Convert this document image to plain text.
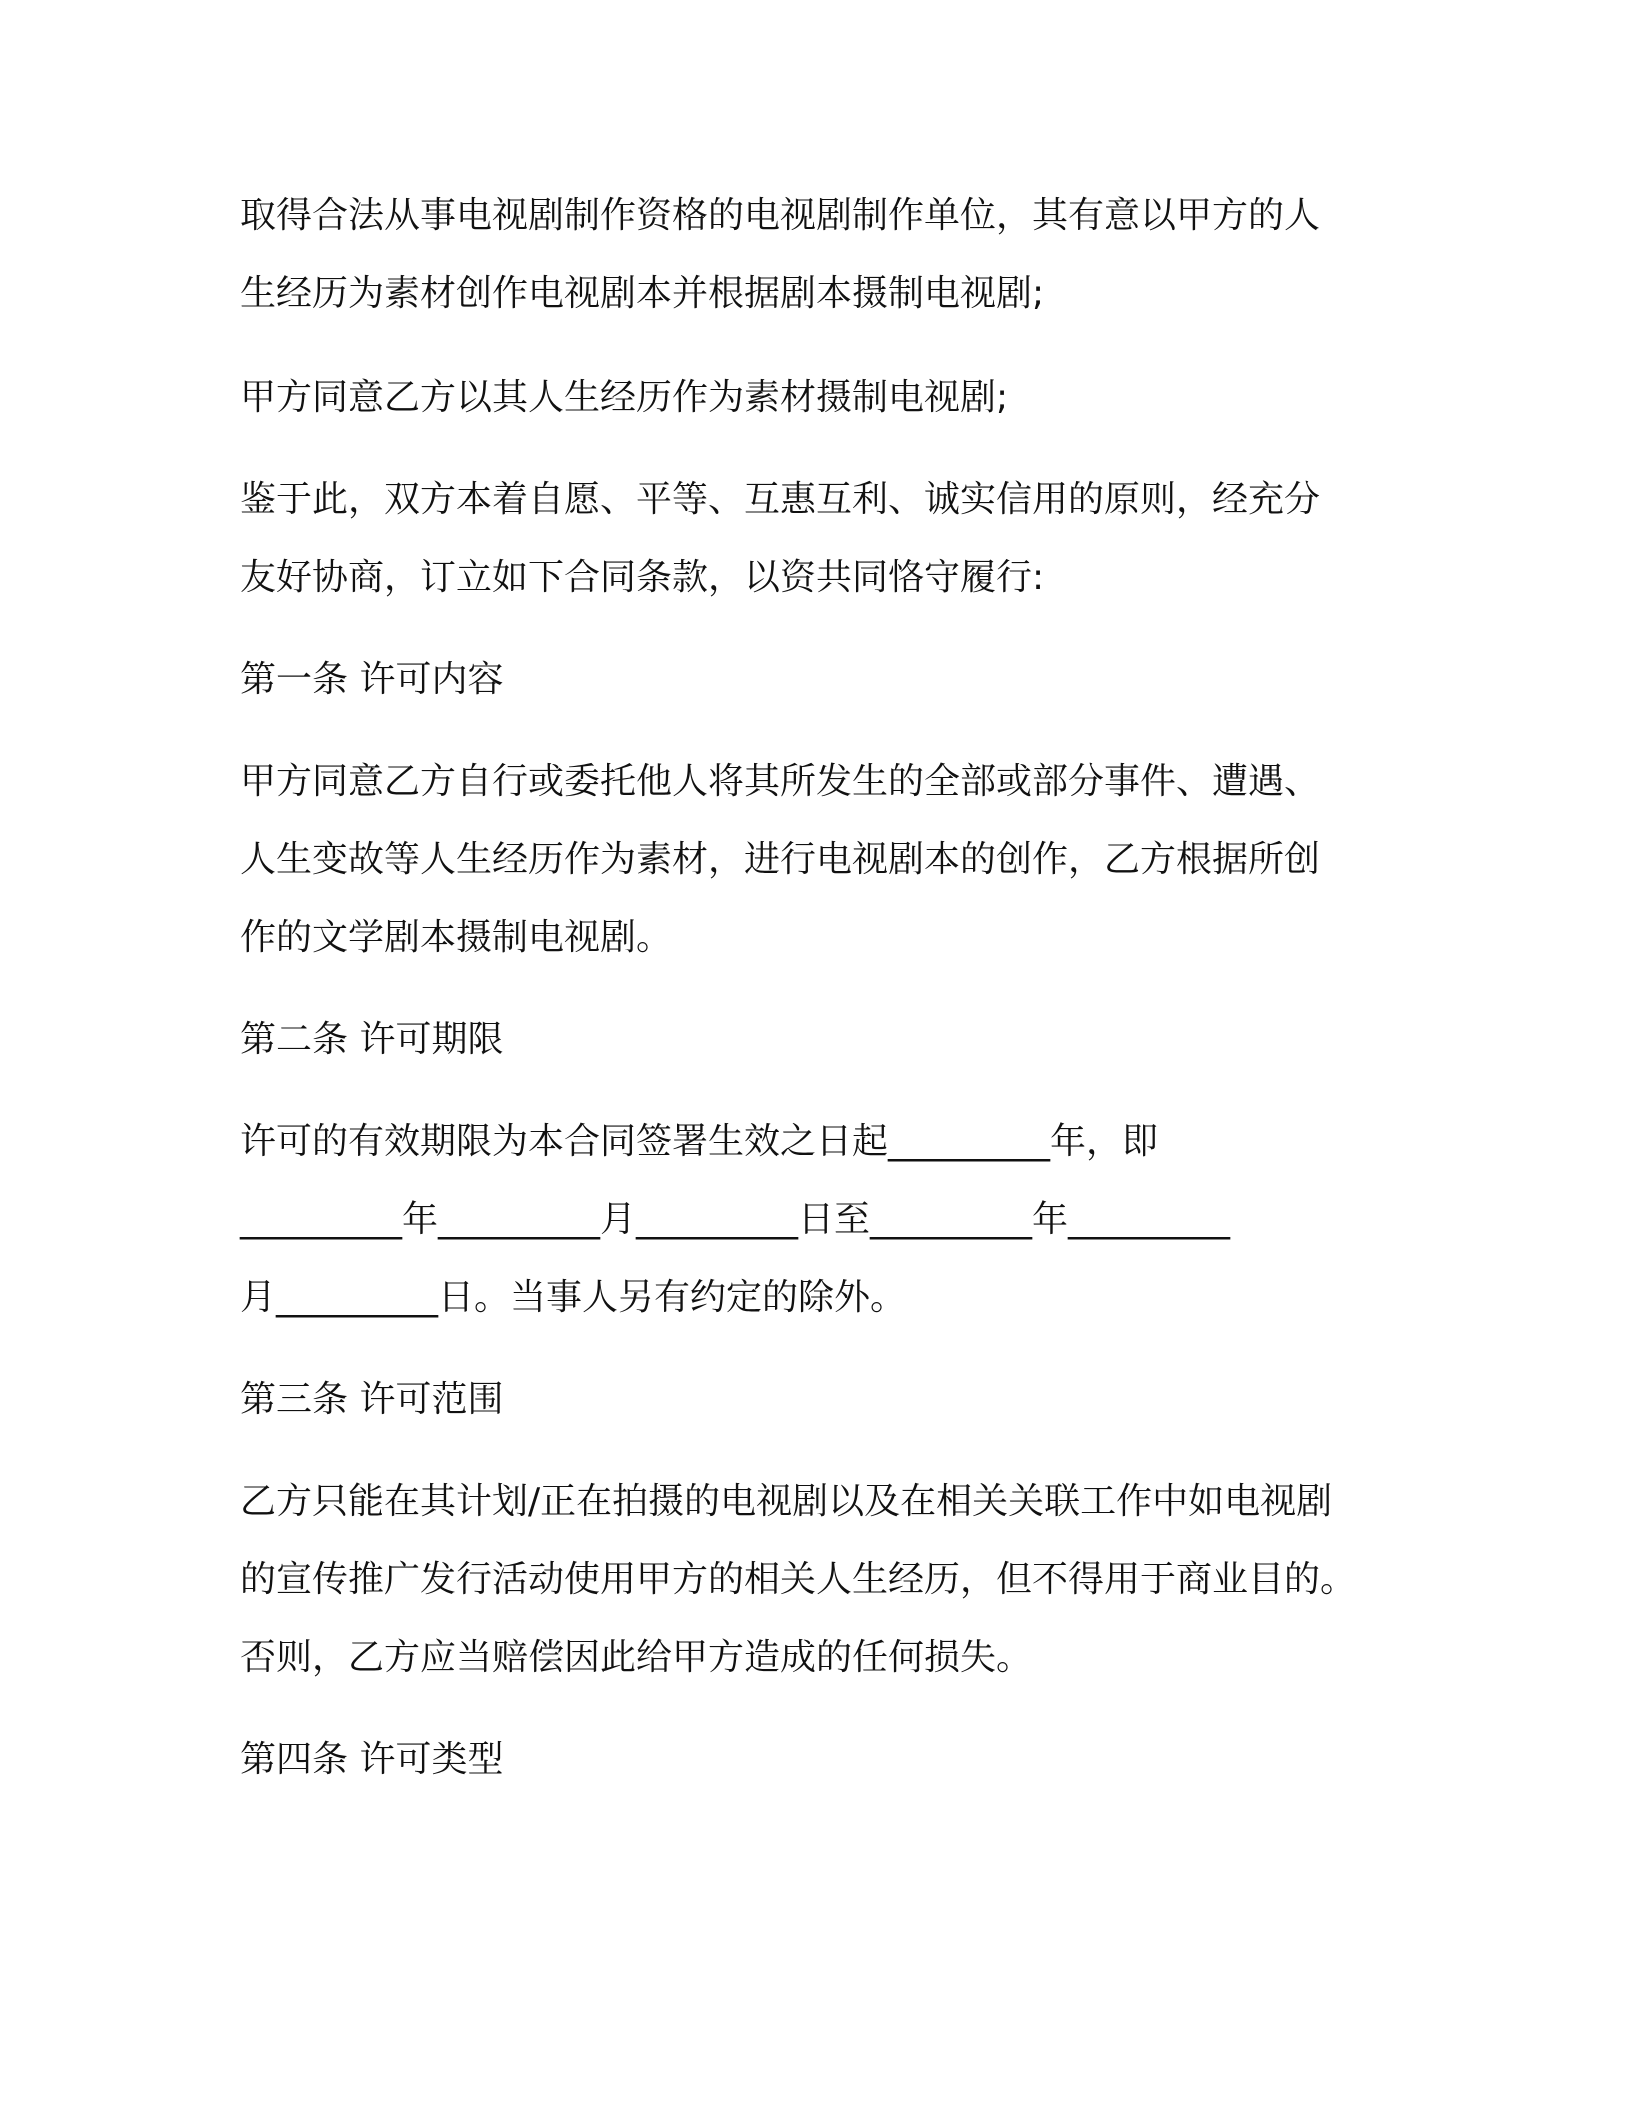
取得合法从事电视剧制作资格的电视剧制作单位，其有意以甲方的人
生经历为素材创作电视剧本并根据剧本摄制电视剧;
甲方同意乙方以其人生经历作为素材摄制电视剧;
鉴于此，双方本着自愿、平等、互惠互利、诚实信用的原则，经充分
友好协商，订立如下合同条款，以资共同恪守履行:
第一条 许可内容
甲方同意乙方自行或委托他人将其所发生的全部或部分事件、遭遇、
人生变故等人生经历作为素材，进行电视剧本的创作，乙方根据所创
作的文学剧本摄制电视剧。
第二条 许可期限
许可的有效期限为本合同签署生效之日起_________年，即
_________年_________月_________日至_________年_________
月_________日。当事人另有约定的除外。
第三条 许可范围
乙方只能在其计划/正在拍摄的电视剧以及在相关关联工作中如电视剧
的宣传推广发行活动使用甲方的相关人生经历，但不得用于商业目的。
否则，乙方应当赔偿因此给甲方造成的任何损失。
第四条 许可类型
